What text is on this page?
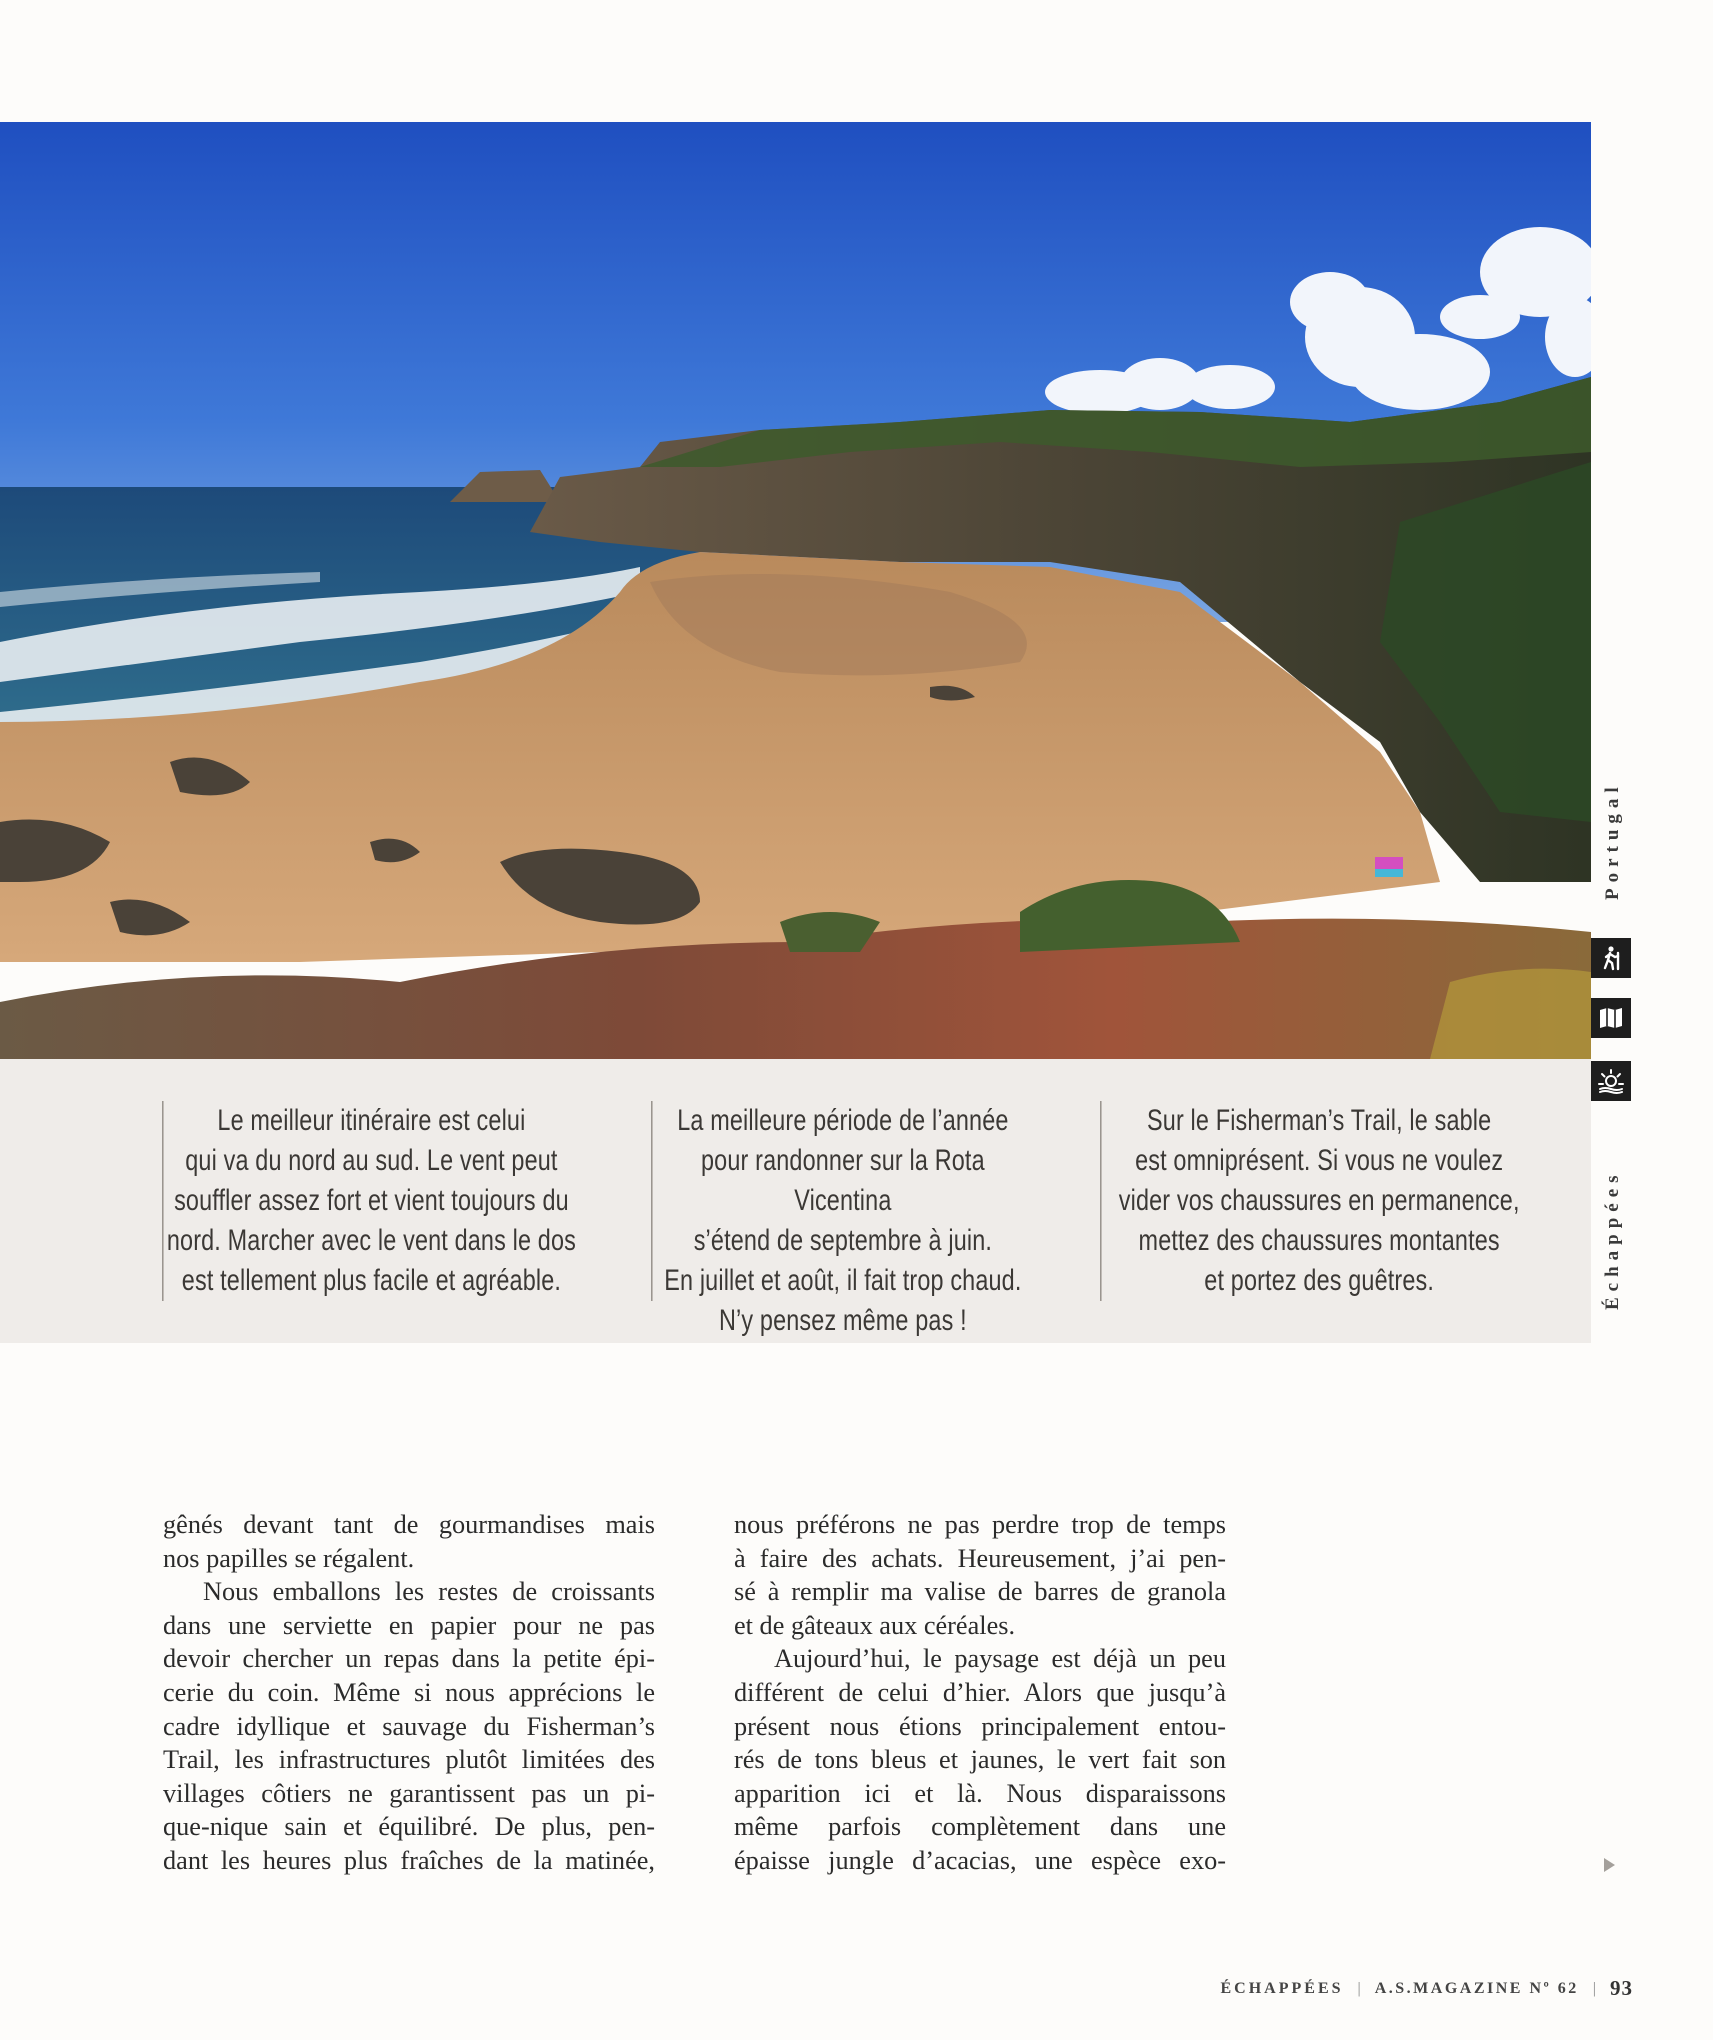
Le meilleur itinéraire est celui
qui va du nord au sud. Le vent peut
souffler assez fort et vient toujours du
nord. Marcher avec le vent dans le dos
est tellement plus facile et agréable.
La meilleure période de l’année
pour randonner sur la Rota Vicentina
s’étend de septembre à juin.
En juillet et août, il fait trop chaud.
N’y pensez même pas !
Sur le Fisherman’s Trail, le sable
est omniprésent. Si vous ne voulez
vider vos chaussures en permanence,
mettez des chaussures montantes
et portez des guêtres.
Portugal
Échappées
gênés devant tant de gourmandises mais
nos papilles se régalent.
Nous emballons les restes de croissants
dans une serviette en papier pour ne pas
devoir chercher un repas dans la petite épi-
cerie du coin. Même si nous apprécions le
cadre idyllique et sauvage du Fisherman’s
Trail, les infrastructures plutôt limitées des
villages côtiers ne garantissent pas un pi-
que-nique sain et équilibré. De plus, pen-
dant les heures plus fraîches de la matinée,
nous préférons ne pas perdre trop de temps
à faire des achats. Heureusement, j’ai pen-
sé à remplir ma valise de barres de granola
et de gâteaux aux céréales.
Aujourd’hui, le paysage est déjà un peu
différent de celui d’hier. Alors que jusqu’à
présent nous étions principalement entou-
rés de tons bleus et jaunes, le vert fait son
apparition ici et là. Nous disparaissons
même parfois complètement dans une
épaisse jungle d’acacias, une espèce exo-
ÉCHAPPÉES | A.S.MAGAZINE Nº 62 | 93
